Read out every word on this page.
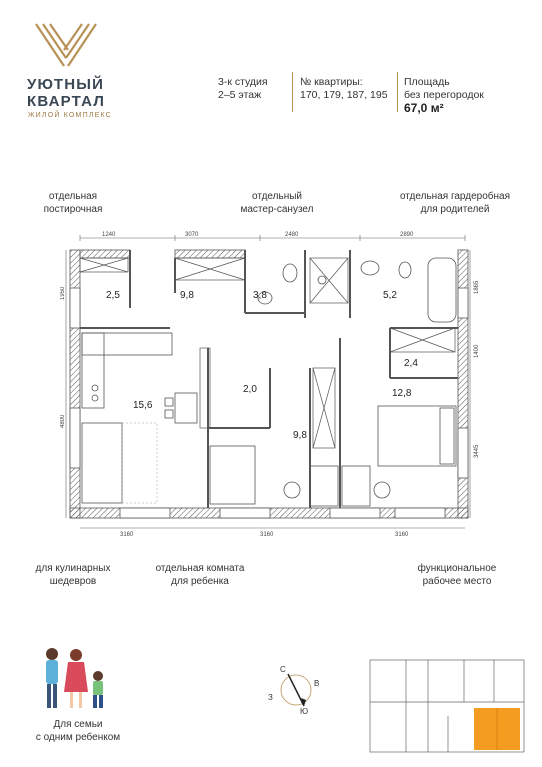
УЮТНЫЙ
КВАРТАЛ
ЖИЛОЙ КОМПЛЕКС
3-к студия
2–5 этаж
№ квартиры:
170, 179, 187, 195
Площадь
без перегородок
67,0 м²
отдельная
постирочная
отдельный
мастер-санузел
отдельная гардеробная
для родителей
2,5	9,8	3,8	5,2
2,4
15,6
2,0
9,8
12,8
1240	3070	2480	2890
3160	3160	3160
1950
4800
1865
1400
3445
для кулинарных
шедевров
отдельная комната
для ребенка
функциональное
рабочее место
Для семьи
с одним ребенком
С
В
Ю
З
